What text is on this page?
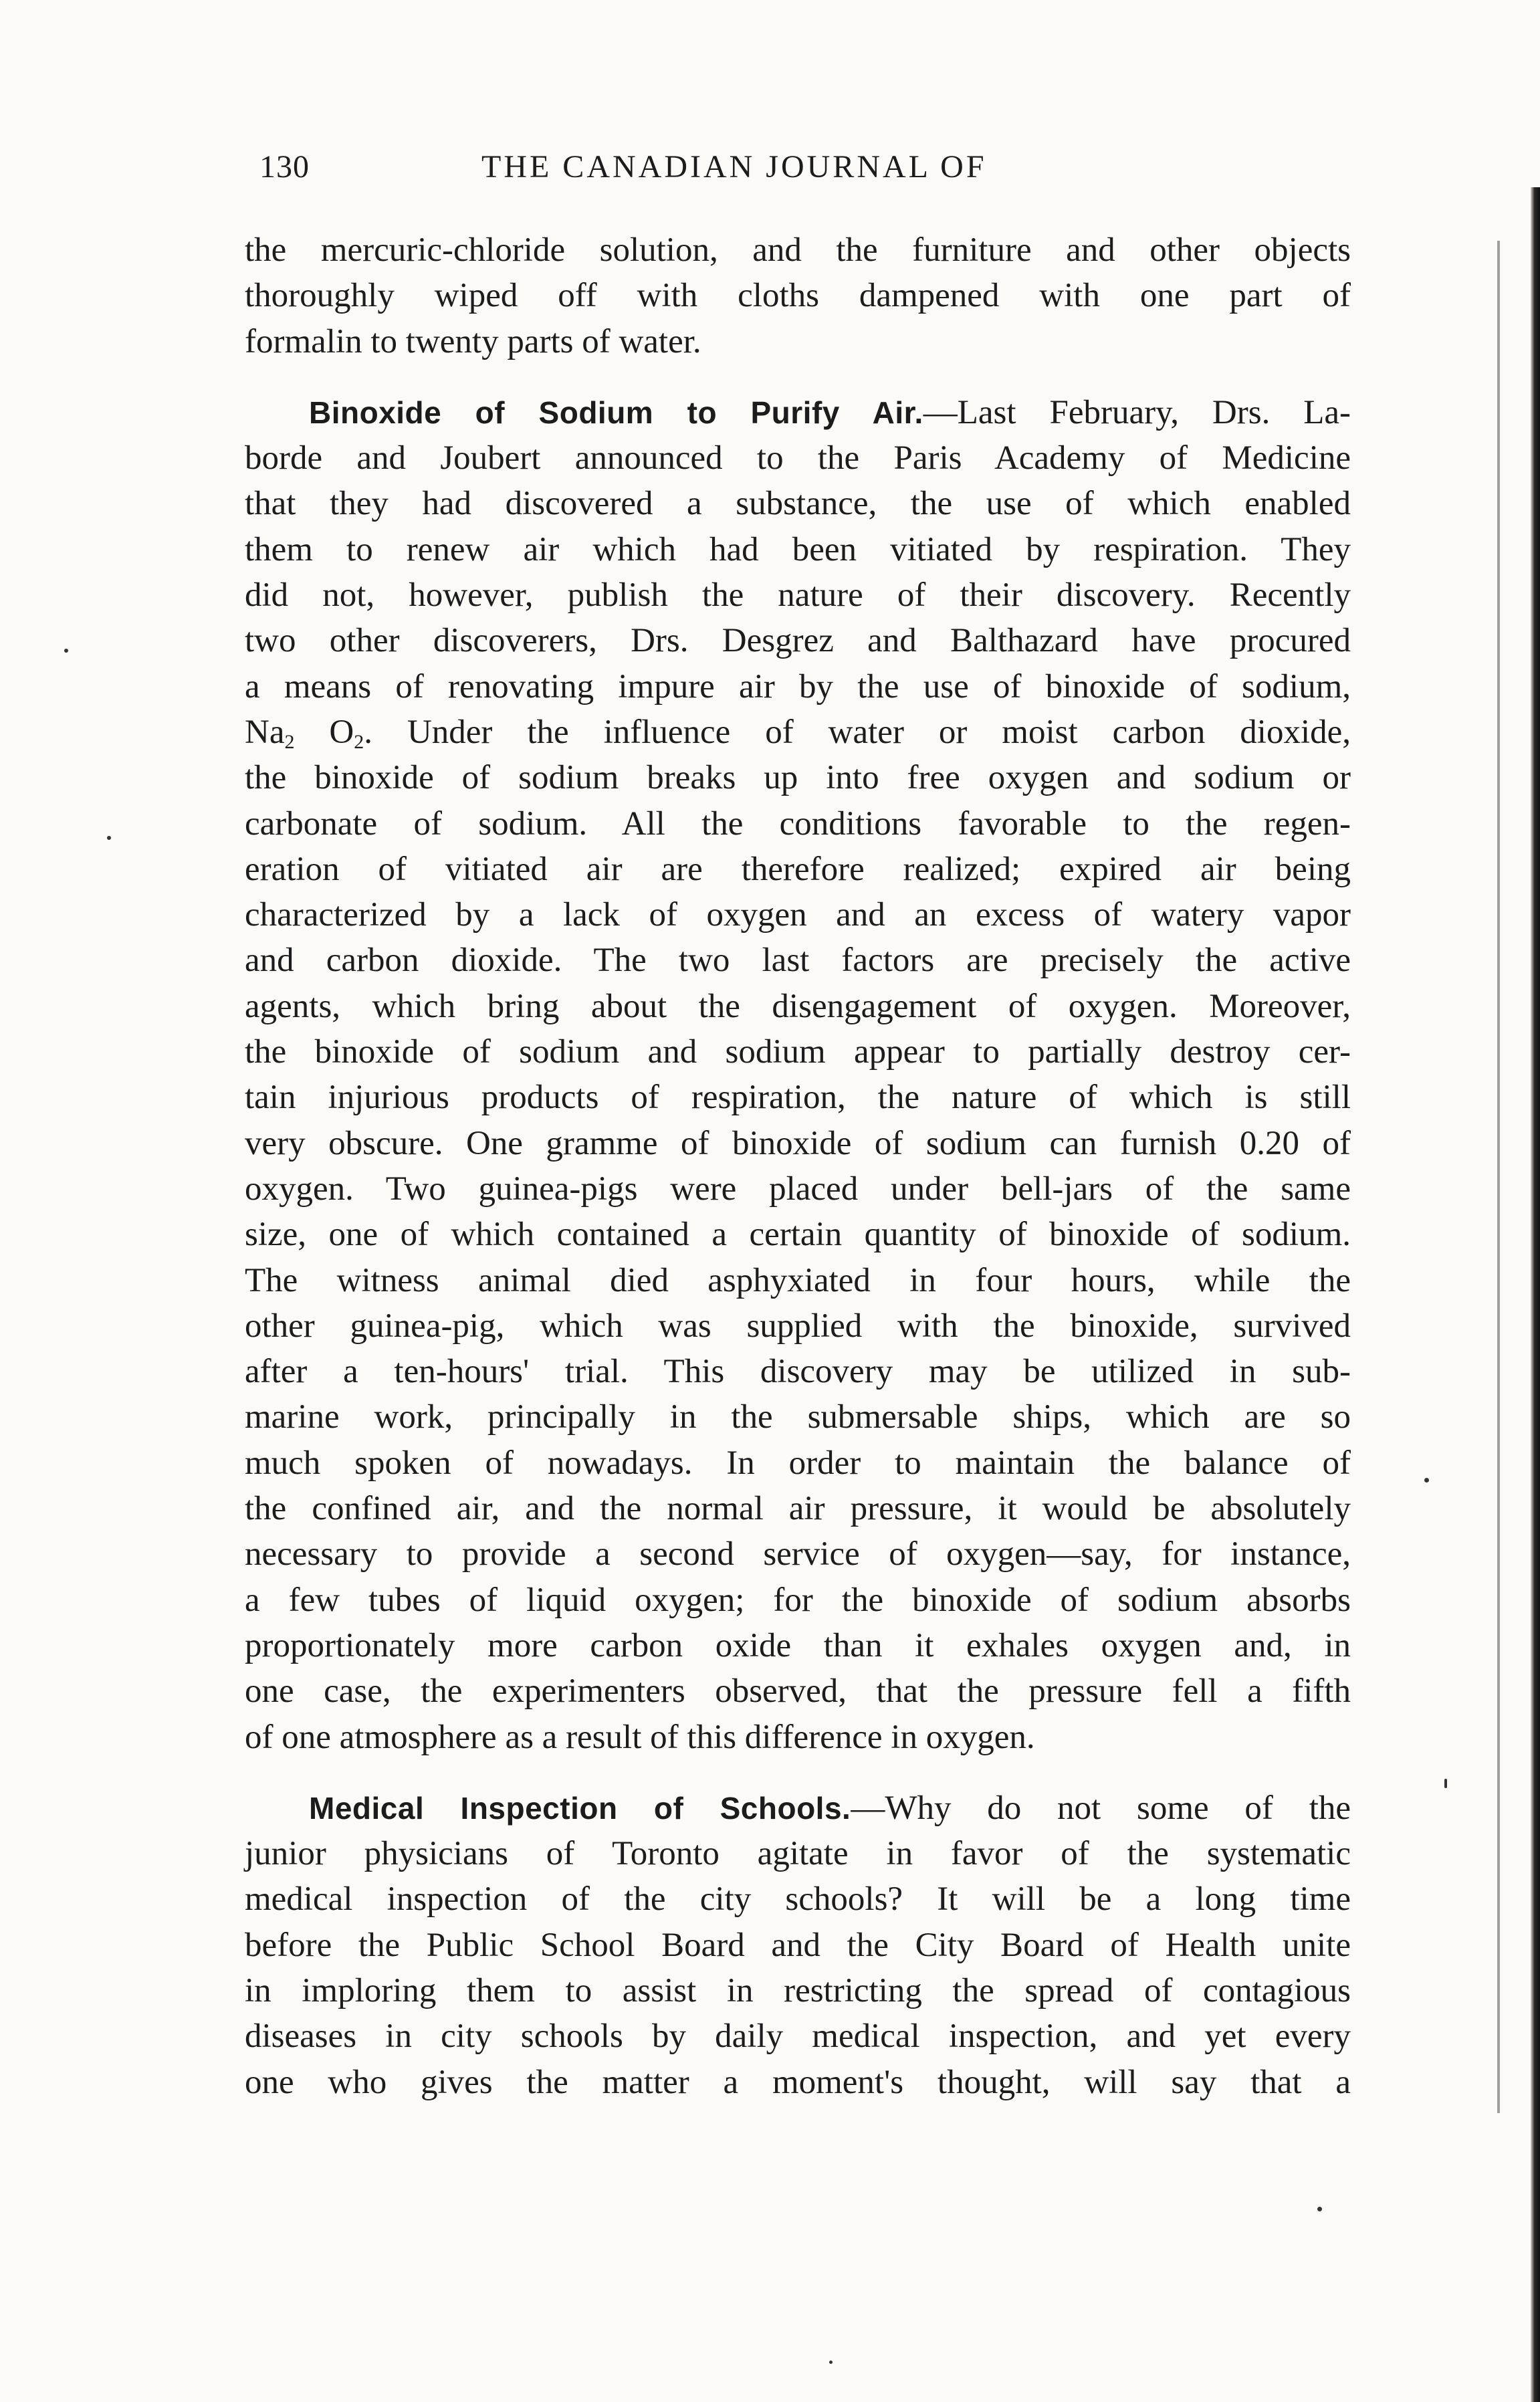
130	THE CANADIAN JOURNAL OF

the mercuric-chloride solution, and the furniture and other objects
thoroughly wiped off with cloths dampened with one part of
formalin to twenty parts of water.

Binoxide of Sodium to Purify Air.—Last February, Drs. La-
borde and Joubert announced to the Paris Academy of Medicine
that they had discovered a substance, the use of which enabled
them to renew air which had been vitiated by respiration. They
did not, however, publish the nature of their discovery. Recently
two other discoverers, Drs. Desgrez and Balthazard have procured
a means of renovating impure air by the use of binoxide of sodium,
$Na_2$ $O_2$. Under the influence of water or moist carbon dioxide,
the binoxide of sodium breaks up into free oxygen and sodium or
carbonate of sodium. All the conditions favorable to the regen-
eration of vitiated air are therefore realized; expired air being
characterized by a lack of oxygen and an excess of watery vapor
and carbon dioxide. The two last factors are precisely the active
agents, which bring about the disengagement of oxygen. Moreover,
the binoxide of sodium and sodium appear to partially destroy cer-
tain injurious products of respiration, the nature of which is still
very obscure. One gramme of binoxide of sodium can furnish 0.20 of
oxygen. Two guinea-pigs were placed under bell-jars of the same
size, one of which contained a certain quantity of binoxide of sodium.
The witness animal died asphyxiated in four hours, while the
other guinea-pig, which was supplied with the binoxide, survived
after a ten-hours' trial. This discovery may be utilized in sub-
marine work, principally in the submersable ships, which are so
much spoken of nowadays. In order to maintain the balance of
the confined air, and the normal air pressure, it would be absolutely
necessary to provide a second service of oxygen—say, for instance,
a few tubes of liquid oxygen; for the binoxide of sodium absorbs
proportionately more carbon oxide than it exhales oxygen and, in
one case, the experimenters observed, that the pressure fell a fifth
of one atmosphere as a result of this difference in oxygen.

Medical Inspection of Schools.—Why do not some of the
junior physicians of Toronto agitate in favor of the systematic
medical inspection of the city schools? It will be a long time
before the Public School Board and the City Board of Health unite
in imploring them to assist in restricting the spread of contagious
diseases in city schools by daily medical inspection, and yet every
one who gives the matter a moment's thought, will say that a
